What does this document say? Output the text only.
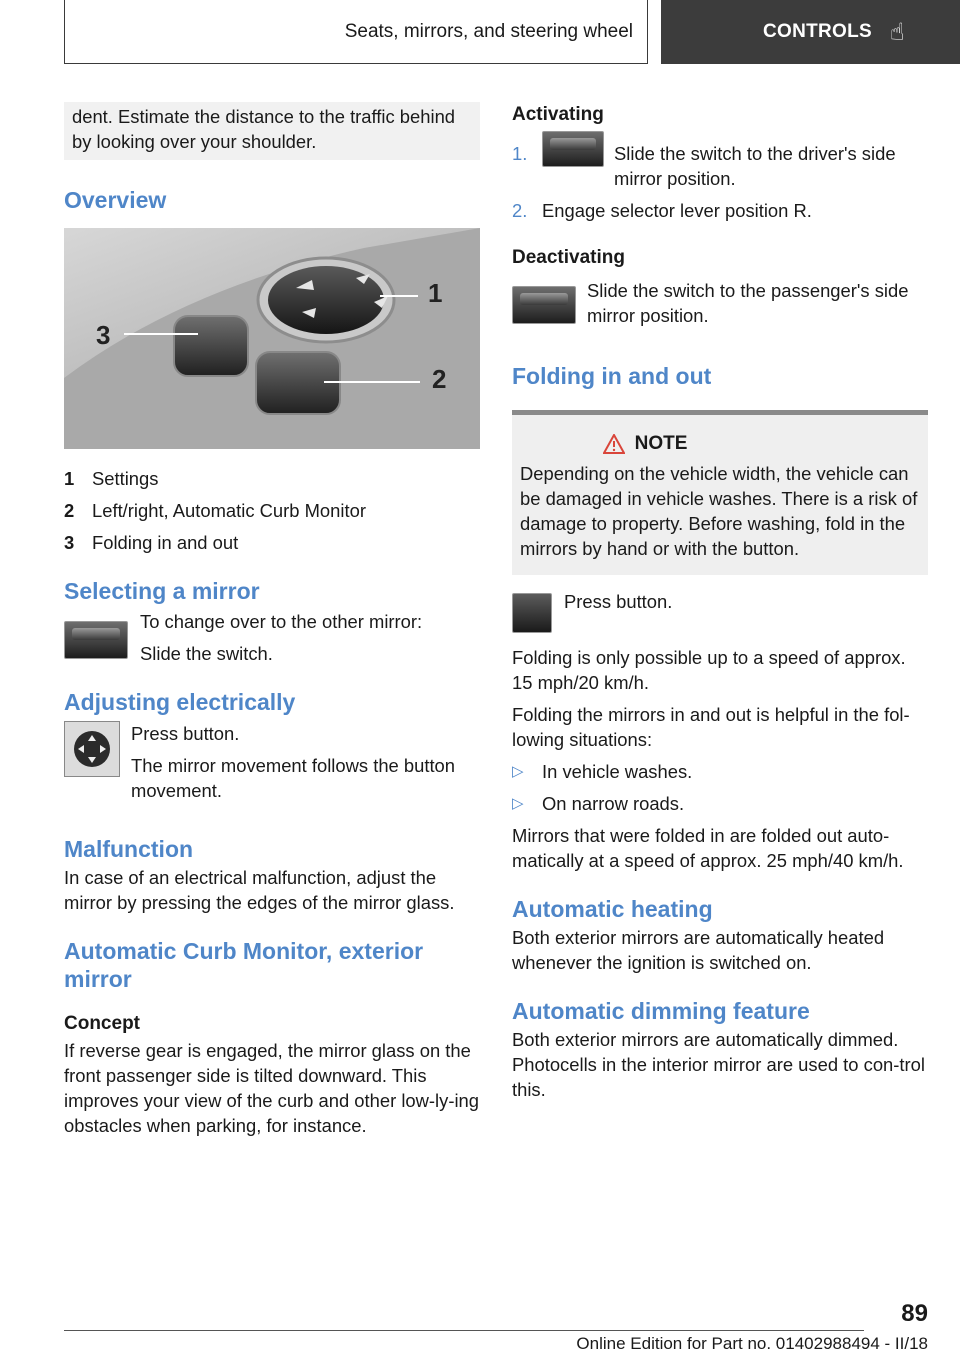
Seats, mirrors, and steering wheel	CONTROLS ☝

dent. Estimate the distance to the traffic behind by looking over your shoulder.

Overview
1
2
3
1 Settings
2 Left/right, Automatic Curb Monitor
3 Folding in and out
Selecting a mirror

To change over to the other mirror:

Slide the switch.

Adjusting electrically

Press button.

The mirror movement follows the button movement.

Malfunction

In case of an electrical malfunction, adjust the mirror by pressing the edges of the mirror glass.

Automatic Curb Monitor, exterior mirror
Concept

If reverse gear is engaged, the mirror glass on the front passenger side is tilted downward. This improves your view of the curb and other low-ly-ing obstacles when parking, for instance.

Activating
1.	Slide the switch to the driver's side mirror position.
2. Engage selector lever position R.
Deactivating

Slide the switch to the passenger's side mirror position.

Folding in and out
NOTE

Depending on the vehicle width, the vehicle can be damaged in vehicle washes. There is a risk of damage to property. Before washing, fold in the mirrors by hand or with the button.

Press button.

Folding is only possible up to a speed of approx. 15 mph/20 km/h.

Folding the mirrors in and out is helpful in the fol-lowing situations:

▷	In vehicle washes.
▷	On narrow roads.

Mirrors that were folded in are folded out auto-matically at a speed of approx. 25 mph/40 km/h.

Automatic heating

Both exterior mirrors are automatically heated whenever the ignition is switched on.

Automatic dimming feature

Both exterior mirrors are automatically dimmed. Photocells in the interior mirror are used to con-trol this.

89
Online Edition for Part no. 01402988494 - II/18
